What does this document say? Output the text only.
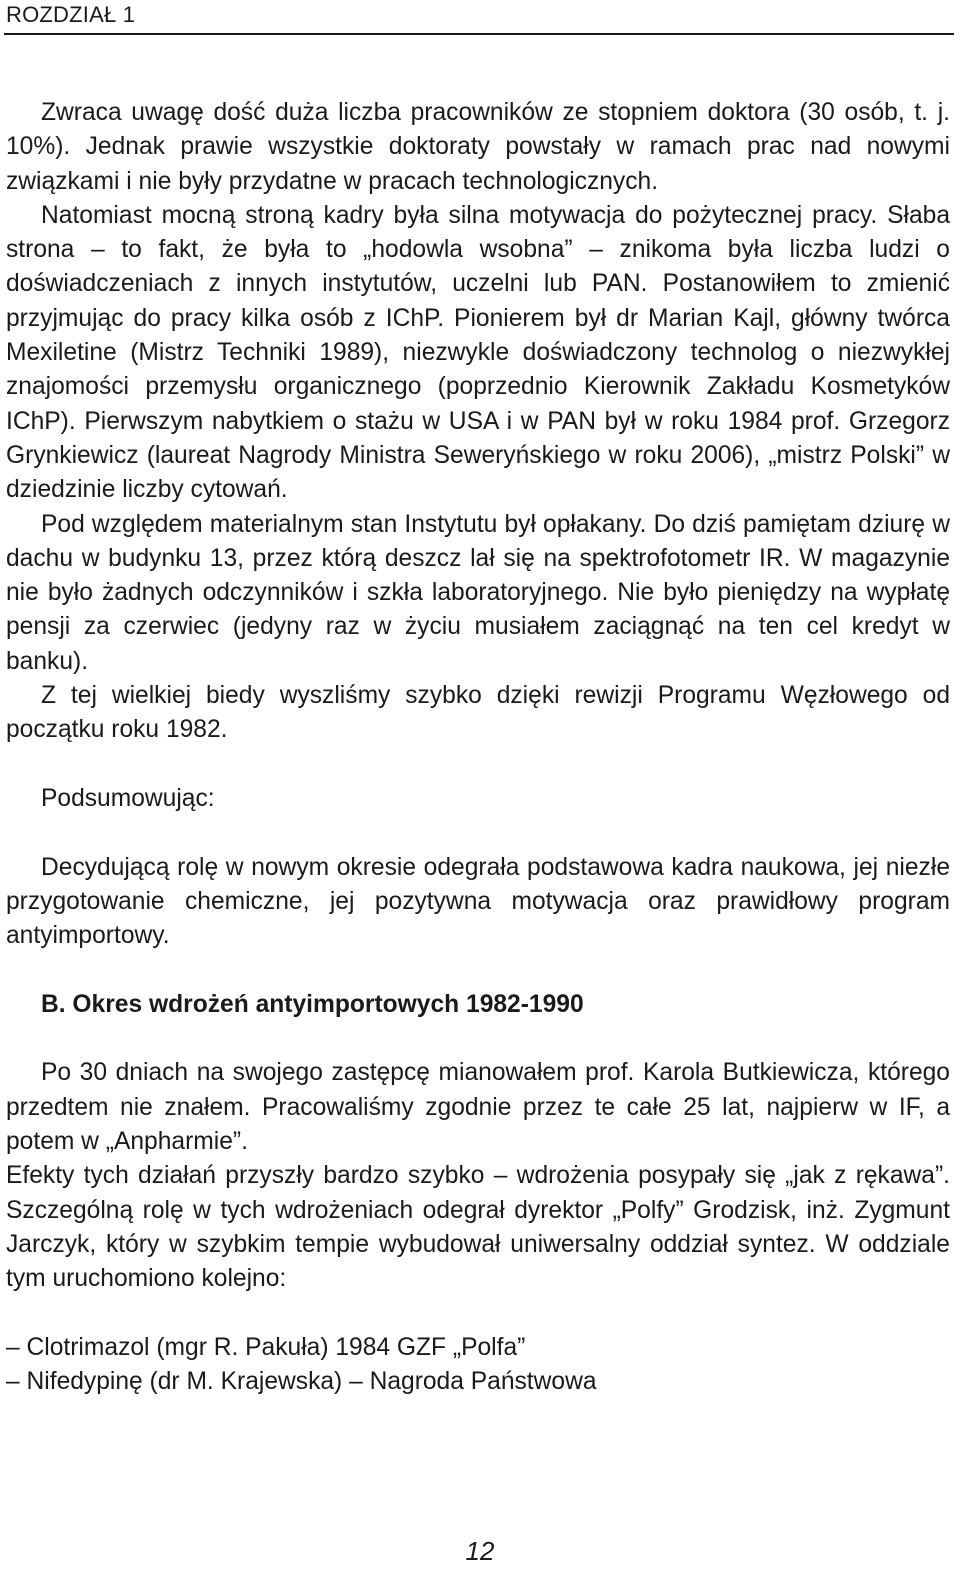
ROZDZIAŁ 1

Zwraca uwagę dość duża liczba pracowników ze stopniem doktora (30 osób, t. j. 10%). Jednak prawie wszystkie doktoraty powstały w ramach prac nad nowymi związkami i nie były przydatne w pracach technologicznych.

Natomiast mocną stroną kadry była silna motywacja do pożytecznej pracy. Słaba strona – to fakt, że była to „hodowla wsobna” – znikoma była liczba ludzi o doświadczeniach z innych instytutów, uczelni lub PAN. Postanowiłem to zmienić przyjmując do pracy kilka osób z IChP. Pionierem był dr Marian Kajl, główny twórca Mexiletine (Mistrz Techniki 1989), niezwykle doświadczony technolog o niezwykłej znajomości przemysłu organicznego (poprzednio Kierownik Zakładu Kosmetyków IChP). Pierwszym nabytkiem o stażu w USA i w PAN był w roku 1984 prof. Grzegorz Grynkiewicz (laureat Nagrody Ministra Seweryńskiego w roku 2006), „mistrz Polski” w dziedzinie liczby cytowań.

Pod względem materialnym stan Instytutu był opłakany. Do dziś pamiętam dziurę w dachu w budynku 13, przez którą deszcz lał się na spektrofotometr IR. W magazynie nie było żadnych odczynników i szkła laboratoryjnego. Nie było pieniędzy na wypłatę pensji za czerwiec (jedyny raz w życiu musiałem zaciągnąć na ten cel kredyt w banku).

Z tej wielkiej biedy wyszliśmy szybko dzięki rewizji Programu Węzłowego od początku roku 1982.

Podsumowując:

Decydującą rolę w nowym okresie odegrała podstawowa kadra naukowa, jej niezłe przygotowanie chemiczne, jej pozytywna motywacja oraz prawidłowy program antyimportowy.

B. Okres wdrożeń antyimportowych 1982-1990

Po 30 dniach na swojego zastępcę mianowałem prof. Karola Butkiewicza, którego przedtem nie znałem. Pracowaliśmy zgodnie przez te całe 25 lat, najpierw w IF, a potem w „Anpharmie”.

Efekty tych działań przyszły bardzo szybko – wdrożenia posypały się „jak z rękawa”. Szczególną rolę w tych wdrożeniach odegrał dyrektor „Polfy” Grodzisk, inż. Zygmunt Jarczyk, który w szybkim tempie wybudował uniwersalny oddział syntez. W oddziale tym uruchomiono kolejno:

– Clotrimazol (mgr R. Pakuła) 1984 GZF „Polfa”

– Nifedypinę (dr M. Krajewska) – Nagroda Państwowa

12
